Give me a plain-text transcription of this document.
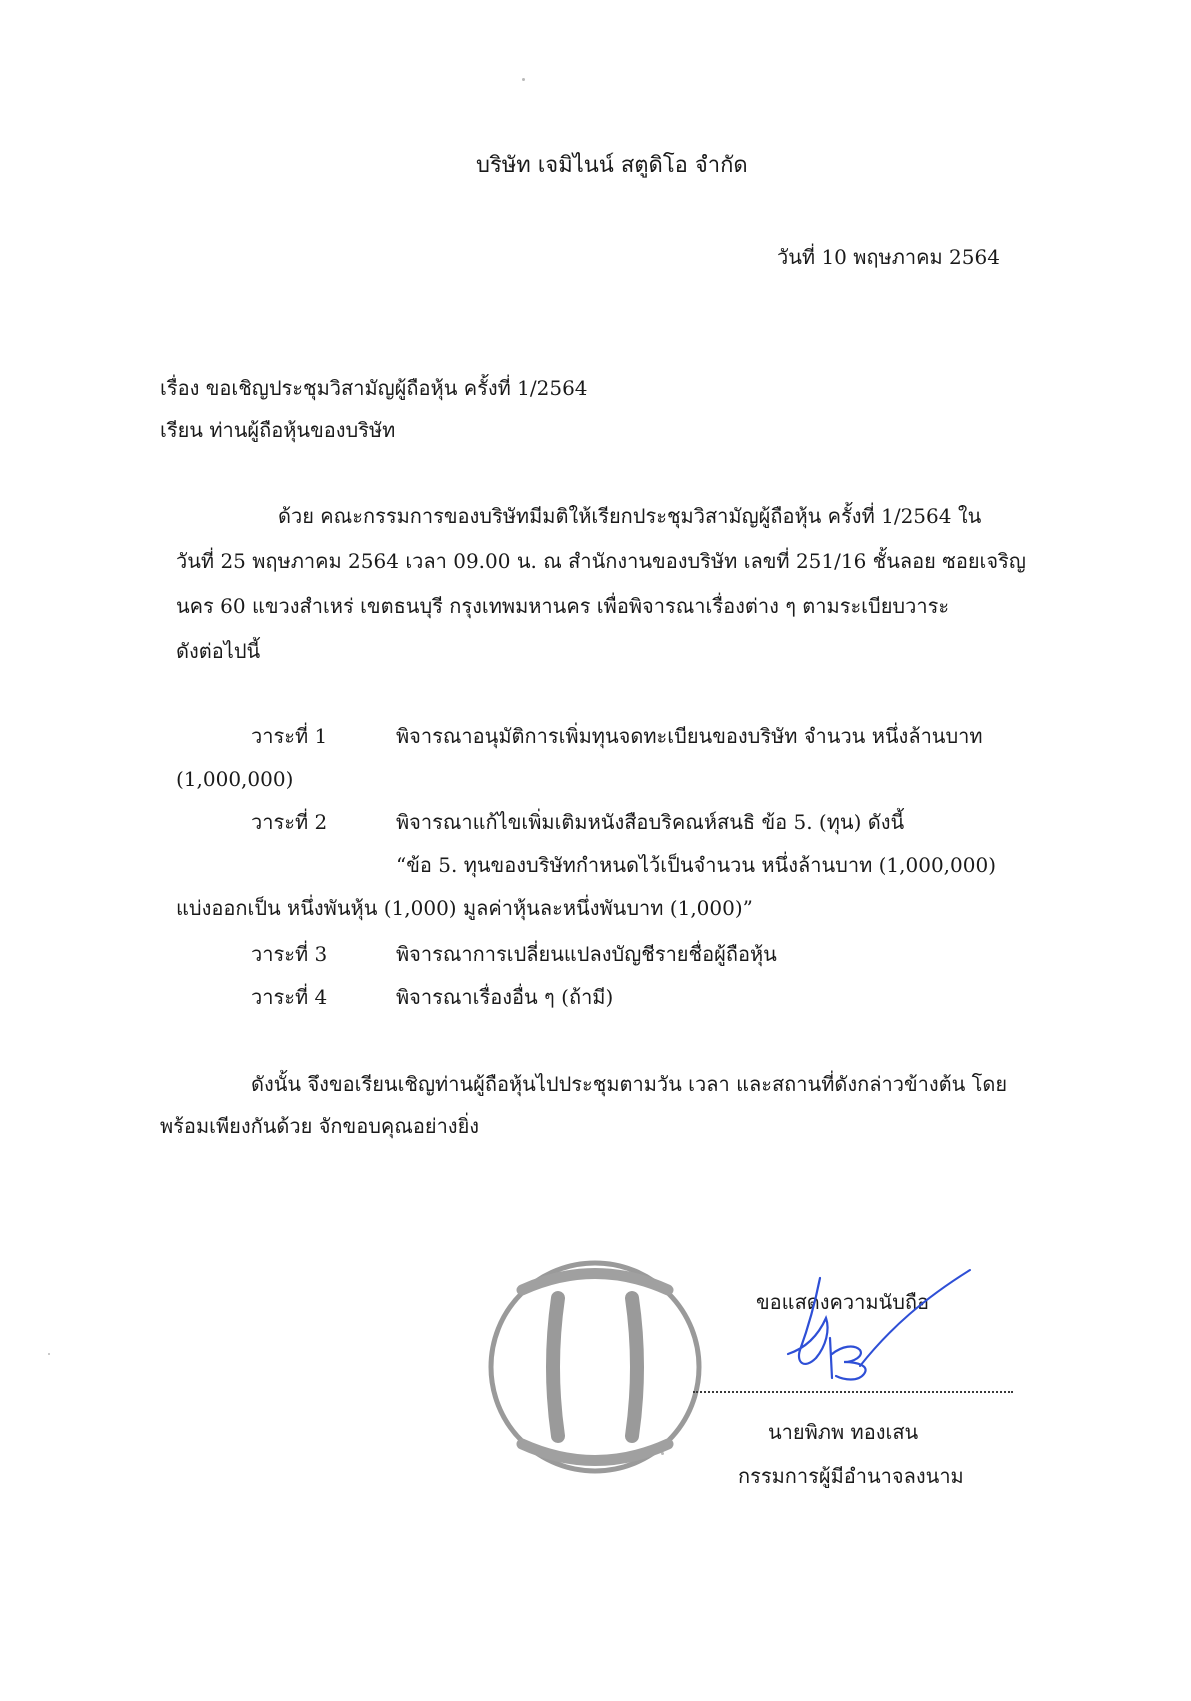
บริษัท เจมิไนน์ สตูดิโอ จำกัด
วันที่ 10 พฤษภาคม 2564
เรื่อง ขอเชิญประชุมวิสามัญผู้ถือหุ้น ครั้งที่ 1/2564
เรียน ท่านผู้ถือหุ้นของบริษัท
ด้วย คณะกรรมการของบริษัทมีมติให้เรียกประชุมวิสามัญผู้ถือหุ้น ครั้งที่ 1/2564 ใน
วันที่ 25 พฤษภาคม 2564 เวลา 09.00 น. ณ สำนักงานของบริษัท เลขที่ 251/16 ชั้นลอย ซอยเจริญ
นคร 60 แขวงสำเหร่ เขตธนบุรี กรุงเทพมหานคร เพื่อพิจารณาเรื่องต่าง ๆ ตามระเบียบวาระ
ดังต่อไปนี้
วาระที่ 1	พิจารณาอนุมัติการเพิ่มทุนจดทะเบียนของบริษัท จำนวน หนึ่งล้านบาท
(1,000,000)
วาระที่ 2	พิจารณาแก้ไขเพิ่มเติมหนังสือบริคณห์สนธิ ข้อ 5. (ทุน) ดังนี้
“ข้อ 5. ทุนของบริษัทกำหนดไว้เป็นจำนวน หนึ่งล้านบาท (1,000,000)
แบ่งออกเป็น หนึ่งพันหุ้น (1,000) มูลค่าหุ้นละหนึ่งพันบาท (1,000)”
วาระที่ 3	พิจารณาการเปลี่ยนแปลงบัญชีรายชื่อผู้ถือหุ้น
วาระที่ 4	พิจารณาเรื่องอื่น ๆ (ถ้ามี)
ดังนั้น จึงขอเรียนเชิญท่านผู้ถือหุ้นไปประชุมตามวัน เวลา และสถานที่ดังกล่าวข้างต้น โดย
พร้อมเพียงกันด้วย จักขอบคุณอย่างยิ่ง
ขอแสดงความนับถือ
นายพิภพ ทองเสน
กรรมการผู้มีอำนาจลงนาม
